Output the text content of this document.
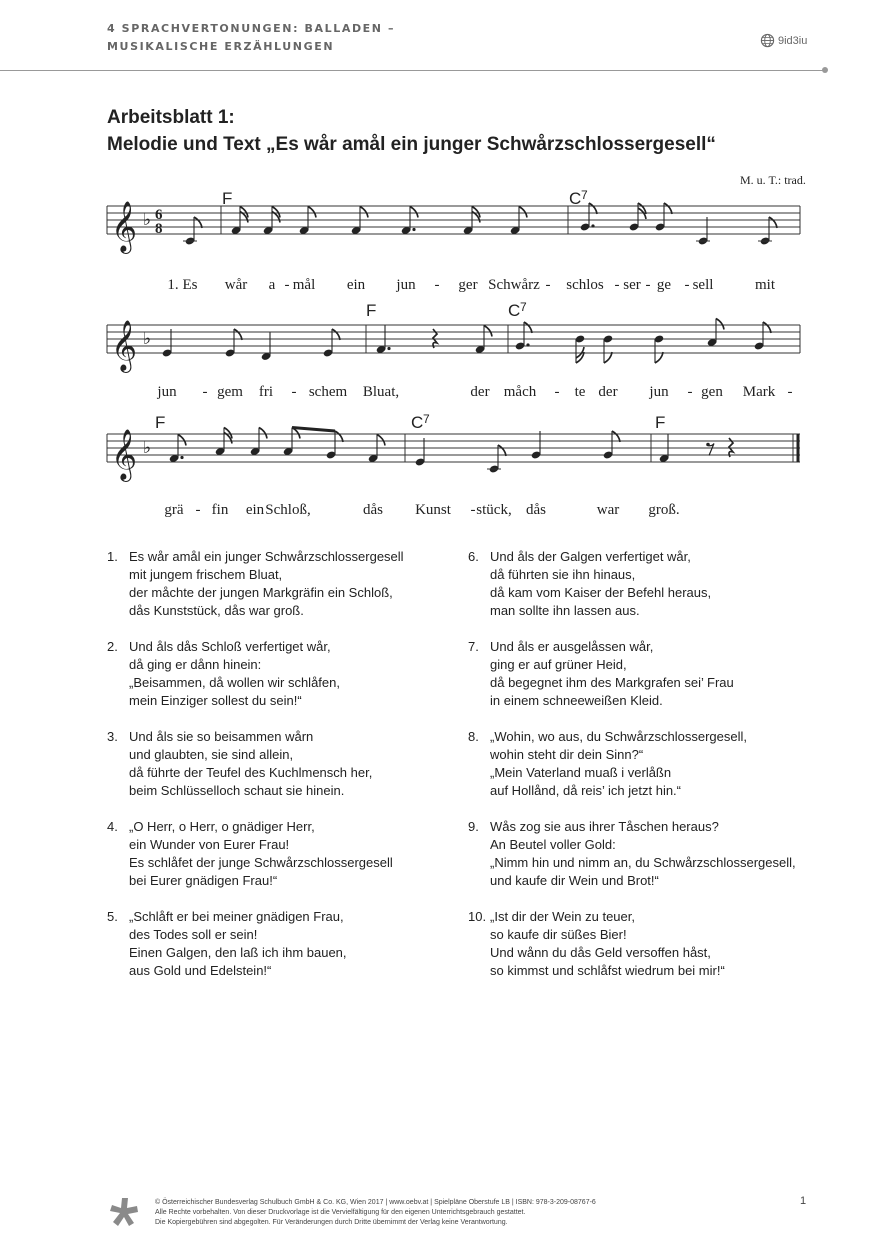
4 SPRACHVERTONUNGEN: BALLADEN –
MUSIKALISCHE ERZÄHLUNGEN	9id3iu
Arbeitsblatt 1:
Melodie und Text „Es wår amål ein junger Schwårzschlossergesell“
M. u. T.: trad.
𝄞 ♭ 6
8
𝄞 ♭
𝄞 ♭
1. Es wår a - mål ein jun - ger Schwårz - schlos - ser - ge - sell	mit
jun - gem fri - schem Bluat,	der måch - te der jun - gen Mark -
grä - fin ein Schloß,	dås Kunst - stück, dås	war groß.
F	C 7
F	C 7
F	C 7	F
1. Es wår amål ein junger Schwårzschlossergesell
mit jungem frischem Bluat,
der måchte der jungen Markgräfin ein Schloß,
dås Kunststück, dås war groß.
2. Und åls dås Schloß verfertiget wår,
då ging er dånn hinein:
„Beisammen, då wollen wir schlåfen,
mein Einziger sollest du sein!“
3. Und åls sie so beisammen wårn
und glaubten, sie sind allein,
då führte der Teufel des Kuchlmensch her,
beim Schlüsselloch schaut sie hinein.
4. „O Herr, o Herr, o gnädiger Herr,
ein Wunder von Eurer Frau!
Es schlåfet der junge Schwårzschlossergesell
bei Eurer gnädigen Frau!“
5. „Schlåft er bei meiner gnädigen Frau,
des Todes soll er sein!
Einen Galgen, den laß ich ihm bauen,
aus Gold und Edelstein!“
6. Und åls der Galgen verfertiget wår,
då führten sie ihn hinaus,
då kam vom Kaiser der Befehl heraus,
man sollte ihn lassen aus.
7. Und åls er ausgelåssen wår,
ging er auf grüner Heid,
då begegnet ihm des Markgrafen sei’ Frau
in einem schneeweißen Kleid.
8. „Wohin, wo aus, du Schwårzschlossergesell,
wohin steht dir dein Sinn?“
„Mein Vaterland muaß i verlåßn
auf Hollånd, då reis’ ich jetzt hin.“
9. Wås zog sie aus ihrer Tåschen heraus?
An Beutel voller Gold:
„Nimm hin und nimm an, du Schwårzschlossergesell,
und kaufe dir Wein und Brot!“
10. „Ist dir der Wein zu teuer,
so kaufe dir süßes Bier!
Und wånn du dås Geld versoffen håst,
so kimmst und schlåfst wiedrum bei mir!“
© Österreichischer Bundesverlag Schulbuch GmbH & Co. KG, Wien 2017 | www.oebv.at | Spielpläne Oberstufe LB | ISBN: 978-3-209-08767-6
Alle Rechte vorbehalten. Von dieser Druckvorlage ist die Vervielfältigung für den eigenen Unterrichtsgebrauch gestattet.
Die Kopiergebühren sind abgegolten. Für Veränderungen durch Dritte übernimmt der Verlag keine Verantwortung.
1
